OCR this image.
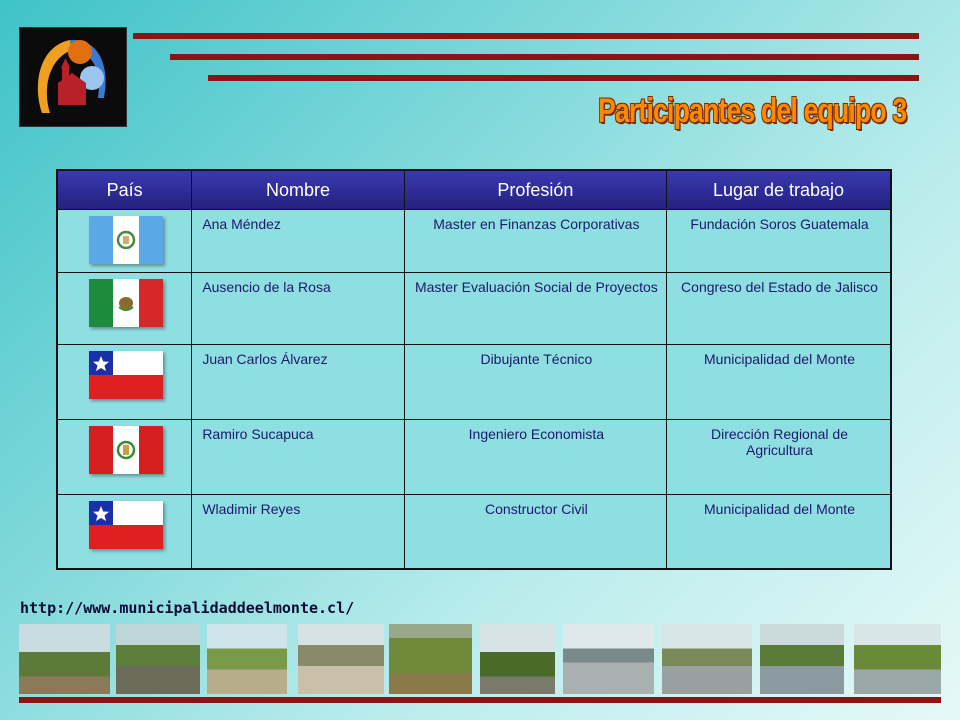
Participantes del equipo 3
País	Nombre	Profesión	Lugar de trabajo
	Ana Méndez	Master en Finanzas Corporativas	Fundación Soros Guatemala
	Ausencio de la Rosa	Master Evaluación Social de Proyectos	Congreso del Estado de Jalisco
	Juan Carlos Álvarez	Dibujante Técnico	Municipalidad del Monte
	Ramiro Sucapuca	Ingeniero Economista	Dirección Regional de Agricultura
	Wladimir Reyes	Constructor Civil	Municipalidad del Monte
http://www.municipalidaddeelmonte.cl/
